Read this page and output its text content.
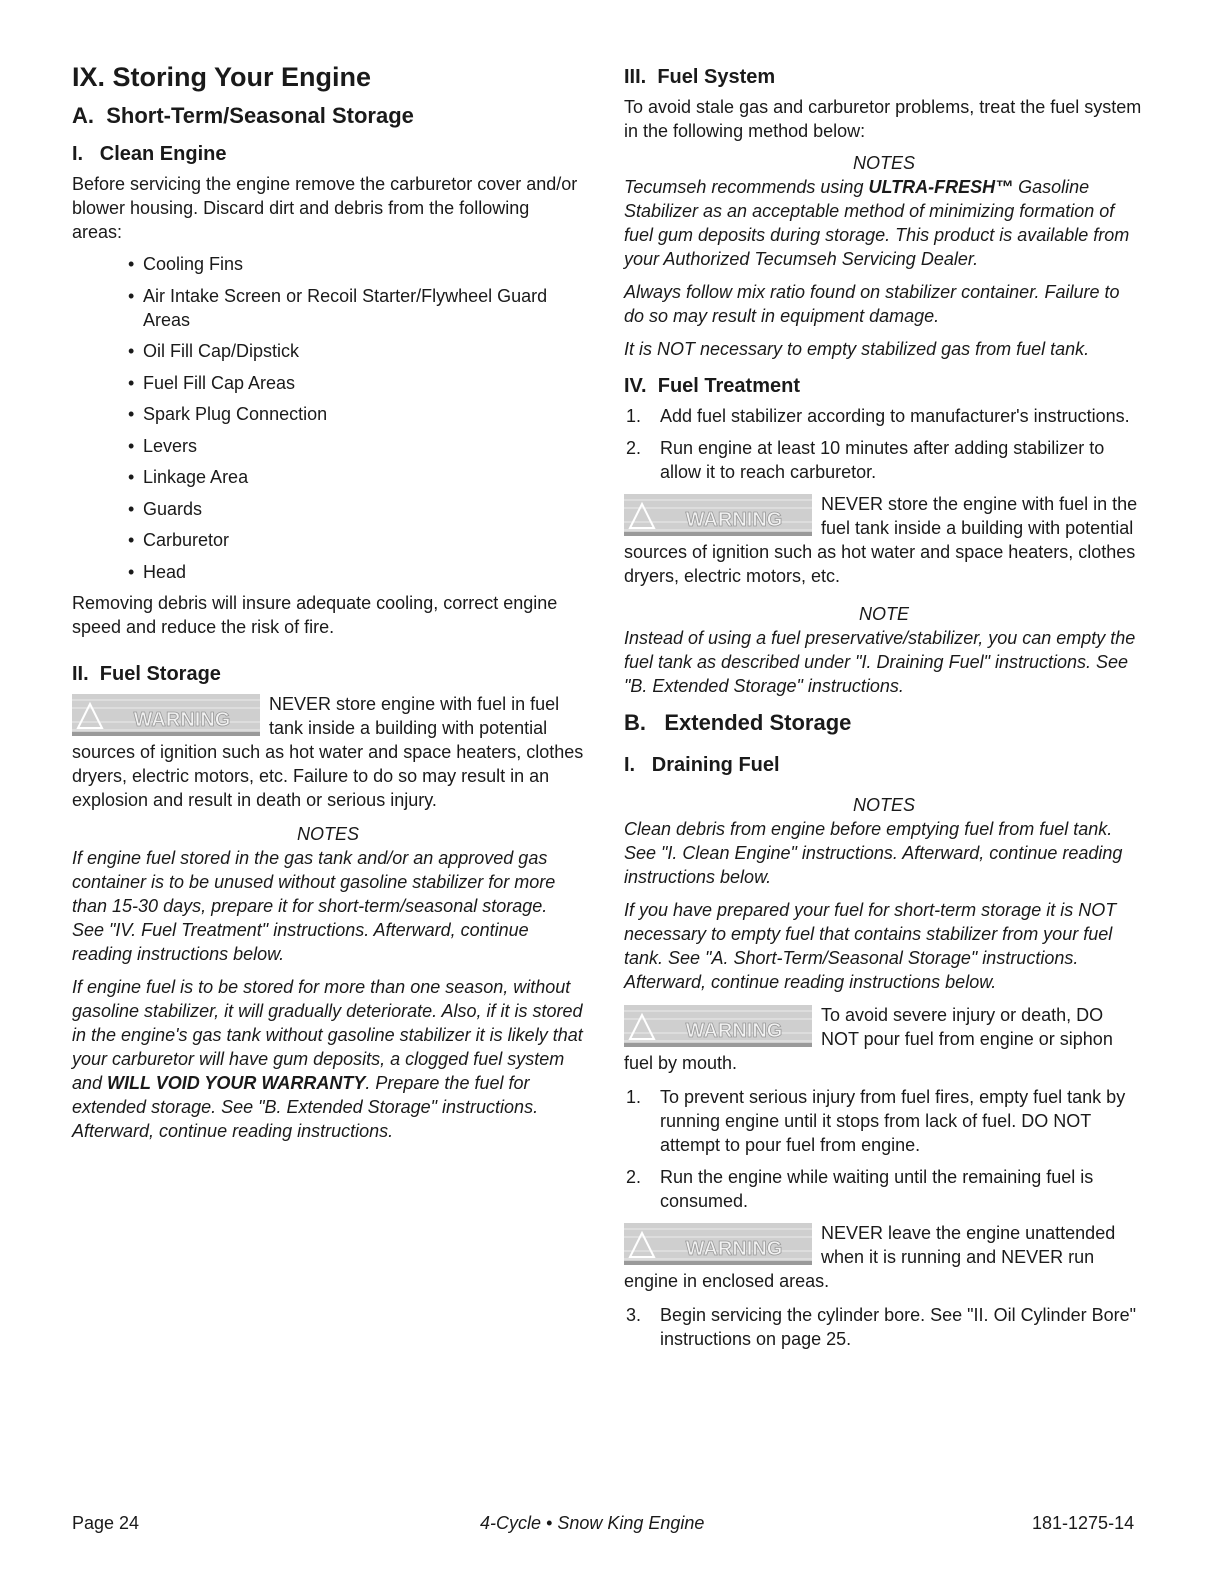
IX. Storing Your Engine
A.  Short-Term/Seasonal Storage
I.   Clean Engine

Before servicing the engine remove the carburetor cover and/or blower housing. Discard dirt and debris from the following areas:

• Cooling Fins
• Air Intake Screen or Recoil Starter/Flywheel Guard Areas
• Oil Fill Cap/Dipstick
• Fuel Fill Cap Areas
• Spark Plug Connection
• Levers
• Linkage Area
• Guards
• Carburetor
• Head

Removing debris will insure adequate cooling, correct engine speed and reduce the risk of fire.

II.  Fuel Storage
WARNING
NEVER store engine with fuel in fuel tank inside a building with potential sources of ignition such as hot water and space heaters, clothes dryers, electric motors, etc. Failure to do so may result in an explosion and result in death or serious injury.

NOTES

If engine fuel stored in the gas tank and/or an approved gas container is to be unused without gasoline stabilizer for more than 15-30 days, prepare it for short-term/seasonal storage. See "IV. Fuel Treatment" instructions. Afterward, continue reading instructions below.

If engine fuel is to be stored for more than one season, without gasoline stabilizer, it will gradually deteriorate. Also, if it is stored in the engine's gas tank without gasoline stabilizer it is likely that your carburetor will have gum deposits, a clogged fuel system and WILL VOID YOUR WARRANTY. Prepare the fuel for extended storage. See "B. Extended Storage" instructions. Afterward, continue reading instructions.

III.  Fuel System

To avoid stale gas and carburetor problems, treat the fuel system in the following method below:

NOTES

Tecumseh recommends using ULTRA-FRESH™ Gasoline Stabilizer as an acceptable method of minimizing formation of fuel gum deposits during storage. This product is available from your Authorized Tecumseh Servicing Dealer.

Always follow mix ratio found on stabilizer container. Failure to do so may result in equipment damage.

It is NOT necessary to empty stabilized gas from fuel tank.

IV.  Fuel Treatment
1. Add fuel stabilizer according to manufacturer's instructions.
2. Run engine at least 10 minutes after adding stabilizer to allow it to reach carburetor.
WARNING
NEVER store the engine with fuel in the fuel tank inside a building with potential sources of ignition such as hot water and space heaters, clothes dryers, electric motors, etc.

NOTE

Instead of using a fuel preservative/stabilizer, you can empty the fuel tank as described under "I. Draining Fuel" instructions. See "B. Extended Storage" instructions.

B.   Extended Storage
I.   Draining Fuel

NOTES

Clean debris from engine before emptying fuel from fuel tank. See "I. Clean Engine" instructions. Afterward, continue reading instructions below.

If you have prepared your fuel for short-term storage it is NOT necessary to empty fuel that contains stabilizer from your fuel tank. See "A. Short-Term/Seasonal Storage" instructions. Afterward, continue reading instructions below.

WARNING
To avoid severe injury or death, DO NOT pour fuel from engine or siphon fuel by mouth.
1. To prevent serious injury from fuel fires, empty fuel tank by running engine until it stops from lack of fuel. DO NOT attempt to pour fuel from engine.
2. Run the engine while waiting until the remaining fuel is consumed.
WARNING
NEVER leave the engine unattended when it is running and NEVER run engine in enclosed areas.
3. Begin servicing the cylinder bore. See "II. Oil Cylinder Bore" instructions on page 25.
Page 24	4-Cycle • Snow King Engine	181-1275-14
